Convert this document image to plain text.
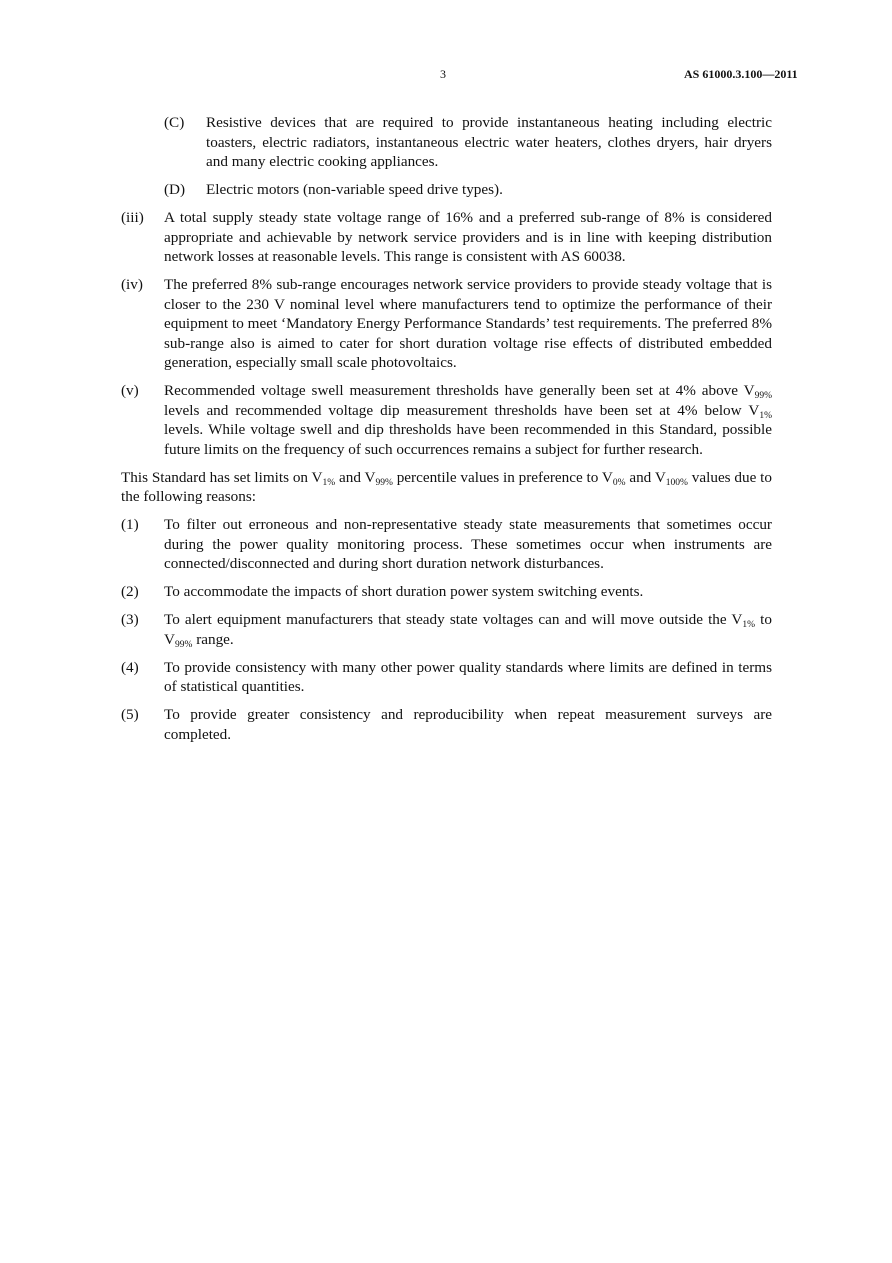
3	AS 61000.3.100—2011
(C) Resistive devices that are required to provide instantaneous heating including electric toasters, electric radiators, instantaneous electric water heaters, clothes dryers, hair dryers and many electric cooking appliances.
(D) Electric motors (non-variable speed drive types).
(iii) A total supply steady state voltage range of 16% and a preferred sub-range of 8% is considered appropriate and achievable by network service providers and is in line with keeping distribution network losses at reasonable levels. This range is consistent with AS 60038.
(iv) The preferred 8% sub-range encourages network service providers to provide steady voltage that is closer to the 230 V nominal level where manufacturers tend to optimize the performance of their equipment to meet ‘Mandatory Energy Performance Standards’ test requirements. The preferred 8% sub-range also is aimed to cater for short duration voltage rise effects of distributed embedded generation, especially small scale photovoltaics.
(v) Recommended voltage swell measurement thresholds have generally been set at 4% above $V_{99\%}$ levels and recommended voltage dip measurement thresholds have been set at 4% below $V_{1\%}$ levels. While voltage swell and dip thresholds have been recommended in this Standard, possible future limits on the frequency of such occurrences remains a subject for further research.
This Standard has set limits on $V_{1\%}$ and $V_{99\%}$ percentile values in preference to $V_{0\%}$ and $V_{100\%}$ values due to the following reasons:
(1) To filter out erroneous and non-representative steady state measurements that sometimes occur during the power quality monitoring process. These sometimes occur when instruments are connected/disconnected and during short duration network disturbances.
(2) To accommodate the impacts of short duration power system switching events.
(3) To alert equipment manufacturers that steady state voltages can and will move outside the $V_{1\%}$ to $V_{99\%}$ range.
(4) To provide consistency with many other power quality standards where limits are defined in terms of statistical quantities.
(5) To provide greater consistency and reproducibility when repeat measurement surveys are completed.
